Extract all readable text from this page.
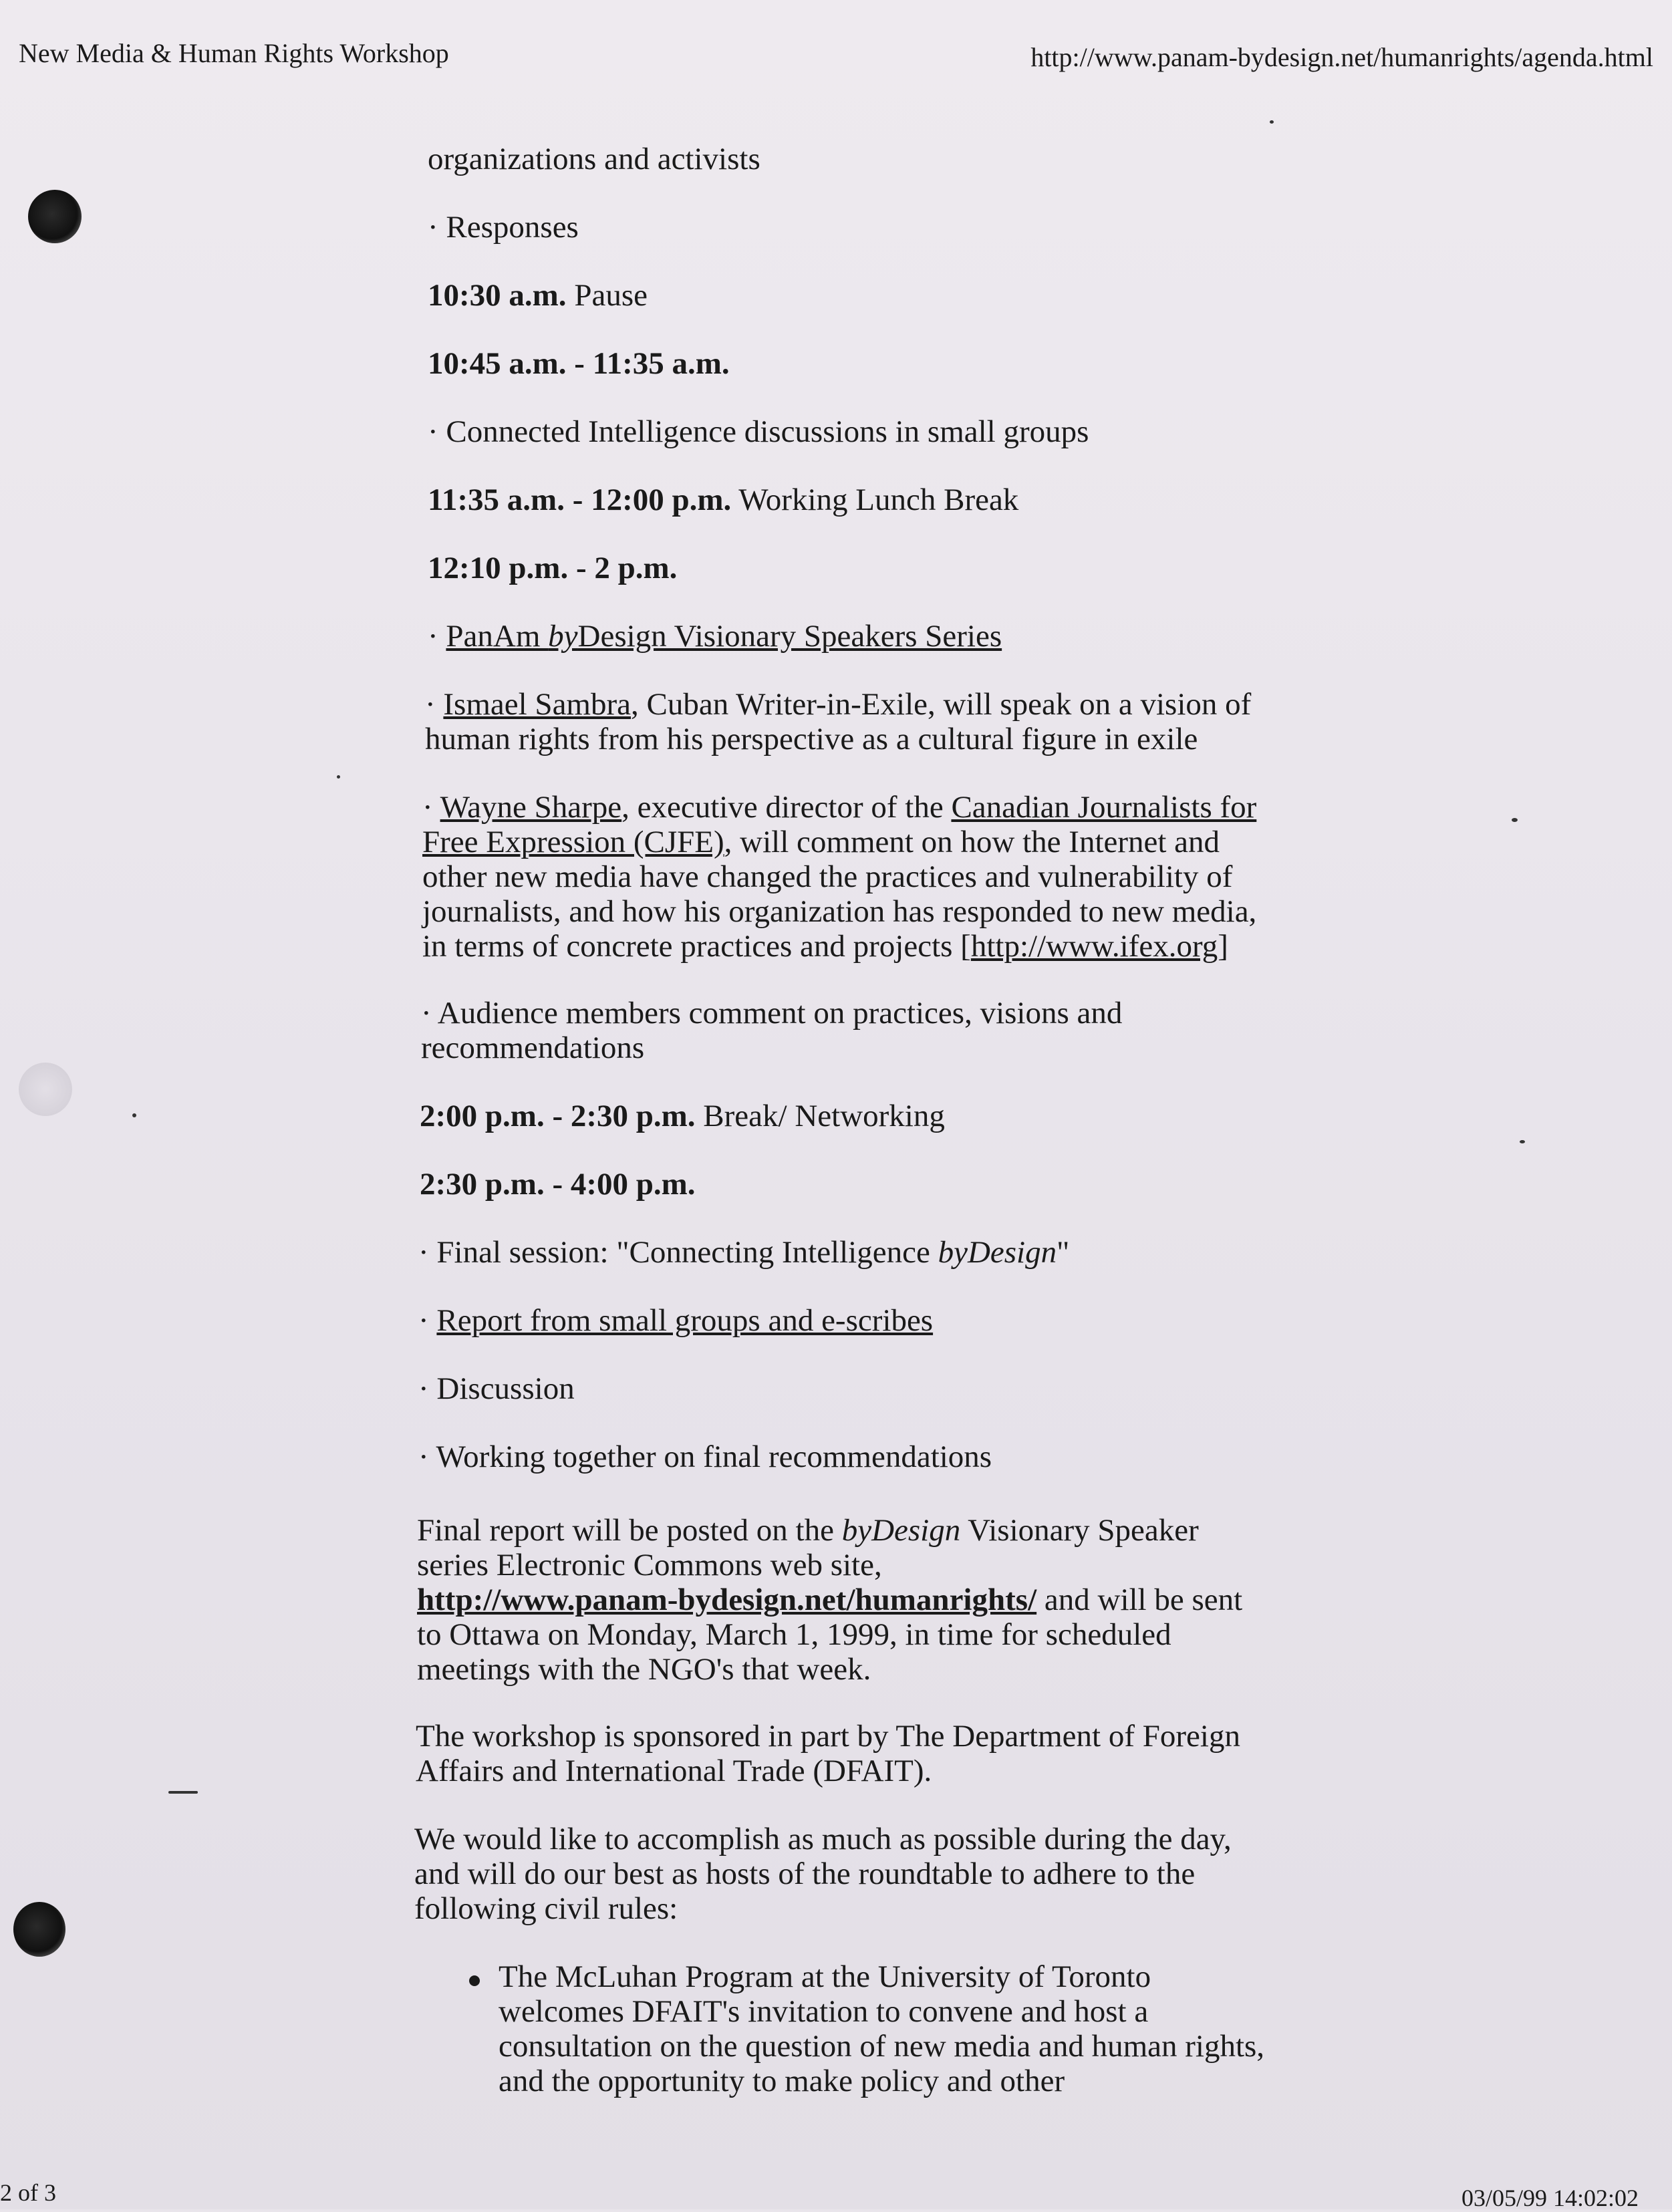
New Media & Human Rights Workshop	http://www.panam-bydesign.net/humanrights/agenda.html
2 of 3	03/05/99 14:02:02
organizations and activists
· Responses
10:30 a.m. Pause
10:45 a.m. - 11:35 a.m.
· Connected Intelligence discussions in small groups
11:35 a.m. - 12:00 p.m. Working Lunch Break
12:10 p.m. - 2 p.m.
· PanAm byDesign Visionary Speakers Series
· Ismael Sambra, Cuban Writer-in-Exile, will speak on a vision of
human rights from his perspective as a cultural figure in exile
· Wayne Sharpe, executive director of the Canadian Journalists for
Free Expression (CJFE), will comment on how the Internet and
other new media have changed the practices and vulnerability of
journalists, and how his organization has responded to new media,
in terms of concrete practices and projects [http://www.ifex.org]
· Audience members comment on practices, visions and
recommendations
2:00 p.m. - 2:30 p.m. Break/ Networking
2:30 p.m. - 4:00 p.m.
· Final session: "Connecting Intelligence byDesign"
· Report from small groups and e-scribes
· Discussion
· Working together on final recommendations
Final report will be posted on the byDesign Visionary Speaker
series Electronic Commons web site,
http://www.panam-bydesign.net/humanrights/ and will be sent
to Ottawa on Monday, March 1, 1999, in time for scheduled
meetings with the NGO's that week.
The workshop is sponsored in part by The Department of Foreign
Affairs and International Trade (DFAIT).
We would like to accomplish as much as possible during the day,
and will do our best as hosts of the roundtable to adhere to the
following civil rules:
The McLuhan Program at the University of Toronto
welcomes DFAIT's invitation to convene and host a
consultation on the question of new media and human rights,
and the opportunity to make policy and other
